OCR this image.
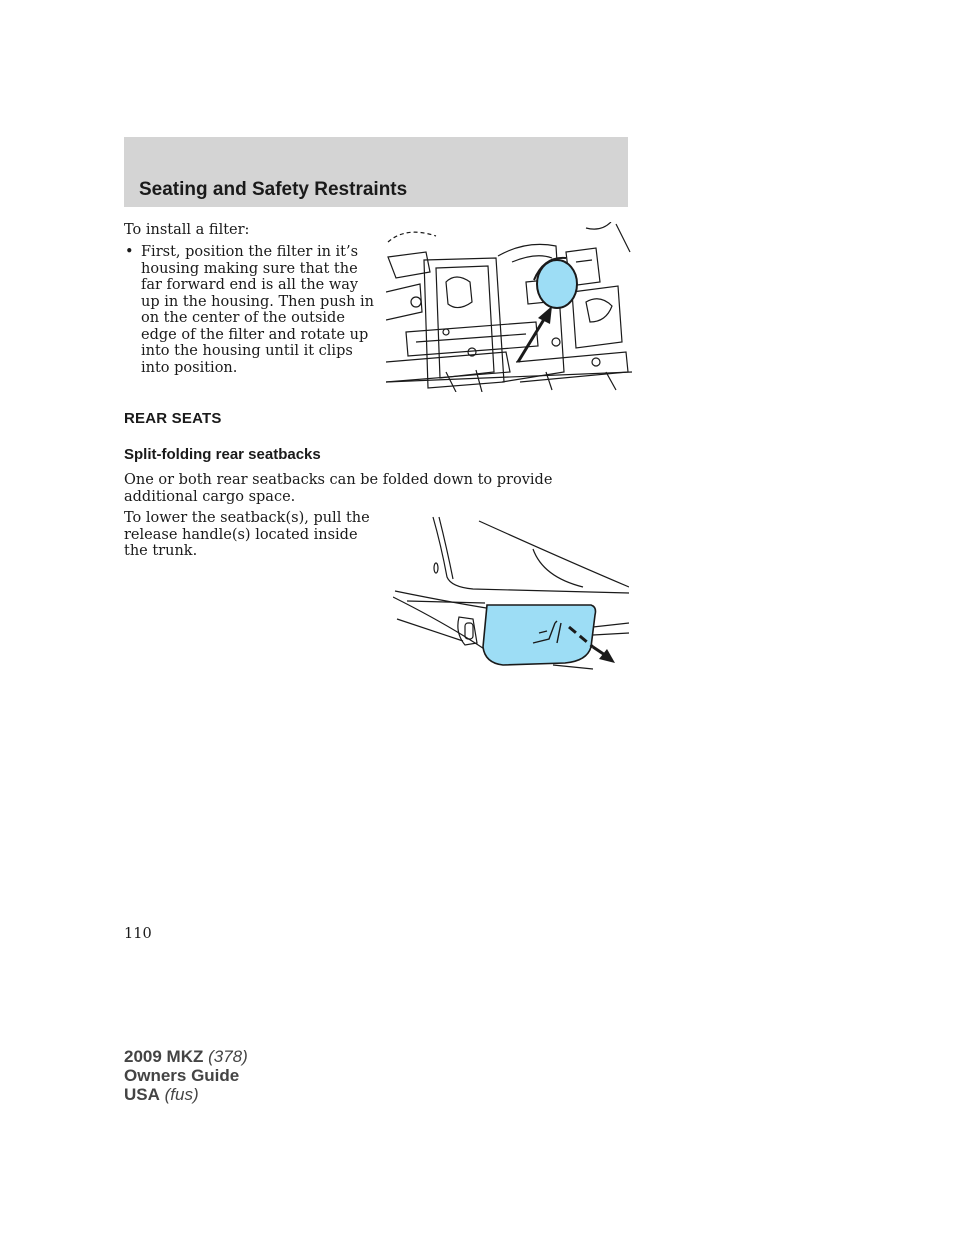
Seating and Safety Restraints

To install a filter:

• First, position the filter in it’s housing making sure that the far forward end is all the way up in the housing. Then push in on the center of the outside edge of the filter and rotate up into the housing until it clips into position.
REAR SEATS
Split-folding rear seatbacks

One or both rear seatbacks can be folded down to provide additional cargo space.

To lower the seatback(s), pull the release handle(s) located inside the trunk.

110

2009 MKZ (378)
Owners Guide
USA (fus)
